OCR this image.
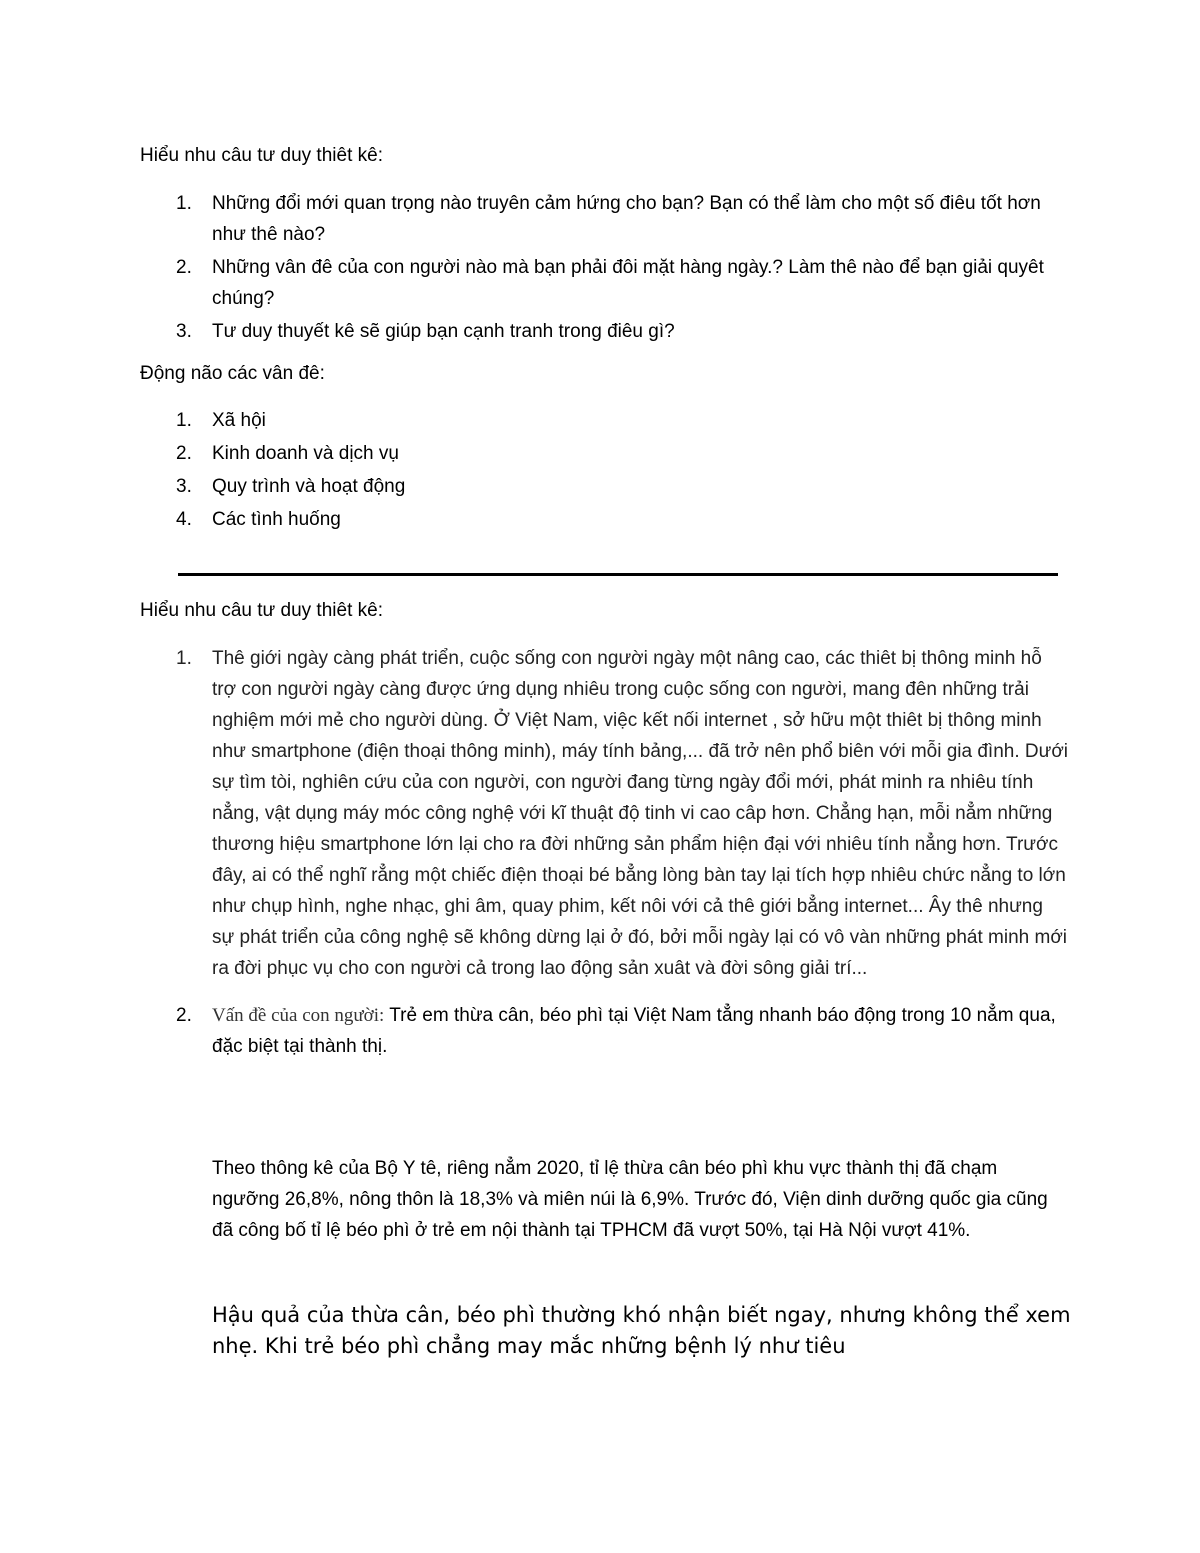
Hiểu nhu câu tư duy thiêt kê:
1. Những đổi mới quan trọng nào truyên cảm hứng cho bạn? Bạn có thể làm cho một số điêu tốt hơn như thê nào?
2. Những vân đê của con người nào mà bạn phải đôi mặt hàng ngày.? Làm thê nào để bạn giải quyêt chúng?
3. Tư duy thuyết kê sẽ giúp bạn cạnh tranh trong điêu gì?
Động não các vân đê:
1. Xã hội
2. Kinh doanh và dịch vụ
3. Quy trình và hoạt động
4. Các tình huống
Hiểu nhu câu tư duy thiêt kê:
1. Thê giới ngày càng phát triển, cuộc sống con người ngày một nâng cao, các thiêt bị thông minh hỗ trợ con người ngày càng được ứng dụng nhiêu trong cuộc sống con người, mang đên những trải nghiệm mới mẻ cho người dùng. Ở Việt Nam, việc kết nối internet , sở hữu một thiêt bị thông minh như smartphone (điện thoại thông minh), máy tính bảng,... đã trở nên phổ biên với mỗi gia đình. Dưới sự tìm tòi, nghiên cứu của con người, con người đang từng ngày đổi mới, phát minh ra nhiêu tính nẳng, vật dụng máy móc công nghệ với kĩ thuật độ tinh vi cao câp hơn. Chẳng hạn, mỗi nẳm những thương hiệu smartphone lớn lại cho ra đời những sản phẩm hiện đại với nhiêu tính nẳng hơn. Trước đây, ai có thể nghĩ rẳng một chiếc điện thoại bé bẳng lòng bàn tay lại tích hợp nhiêu chức nẳng to lớn như chụp hình, nghe nhạc, ghi âm, quay phim, kết nôi với cả thê giới bẳng internet... Ây thê nhưng sự phát triển của công nghệ sẽ không dừng lại ở đó, bởi mỗi ngày lại có vô vàn những phát minh mới ra đời phục vụ cho con người cả trong lao động sản xuât và đời sông giải trí...
2. Vấn đề của con người: Trẻ em thừa cân, béo phì tại Việt Nam tẳng nhanh báo động trong 10 nẳm qua, đặc biệt tại thành thị.
Theo thông kê của Bộ Y tê, riêng nẳm 2020, tỉ lệ thừa cân béo phì khu vực thành thị đã chạm ngưỡng 26,8%, nông thôn là 18,3% và miên núi là 6,9%. Trước đó, Viện dinh dưỡng quốc gia cũng đã công bố tỉ lệ béo phì ở trẻ em nội thành tại TPHCM đã vượt 50%, tại Hà Nội vượt 41%.
Hậu quả của thừa cân, béo phì thường khó nhận biết ngay, nhưng không thể xem nhẹ. Khi trẻ béo phì chẳng may mắc những bệnh lý như tiêu
